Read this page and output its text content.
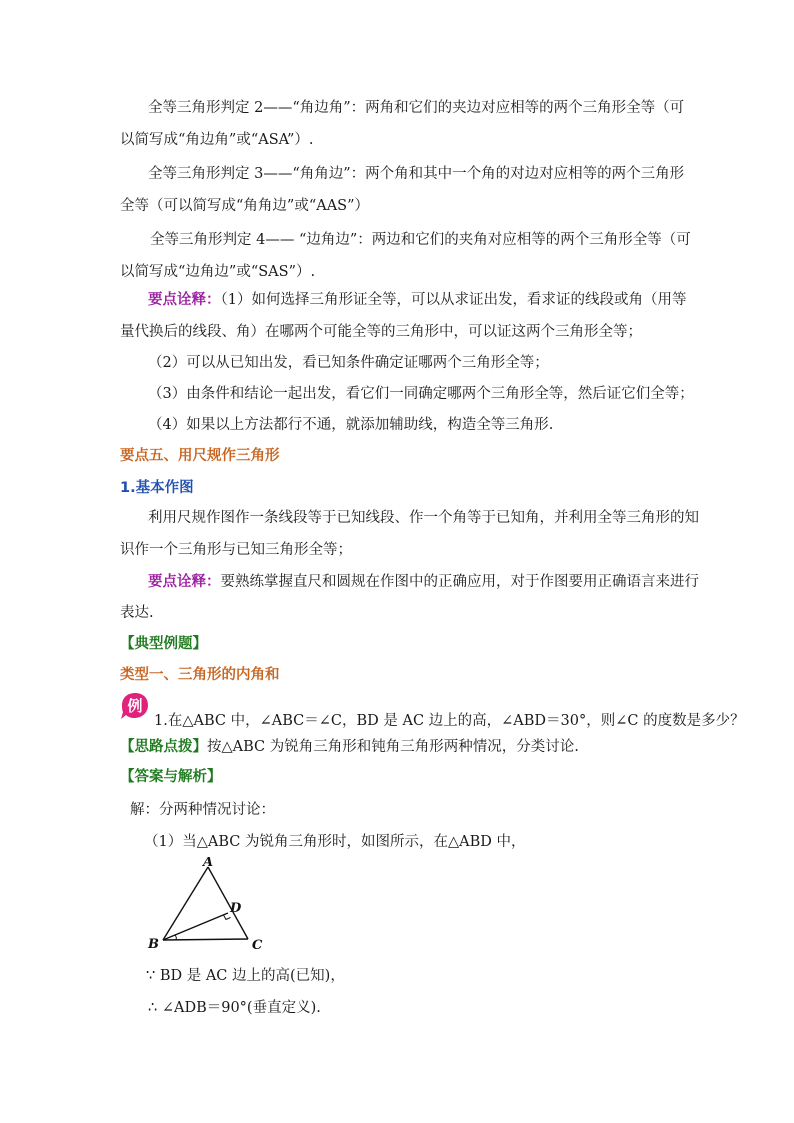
全等三角形判定 2——“角边角”：两角和它们的夹边对应相等的两个三角形全等（可
以简写成“角边角”或“ASA”）.
全等三角形判定 3——“角角边”：两个角和其中一个角的对边对应相等的两个三角形
全等（可以简写成“角角边”或“AAS”）
全等三角形判定 4—— “边角边”：两边和它们的夹角对应相等的两个三角形全等（可
以简写成“边角边”或“SAS”）.
要点诠释：（1）如何选择三角形证全等，可以从求证出发，看求证的线段或角（用等
量代换后的线段、角）在哪两个可能全等的三角形中，可以证这两个三角形全等；
（2）可以从已知出发，看已知条件确定证哪两个三角形全等；
（3）由条件和结论一起出发，看它们一同确定哪两个三角形全等，然后证它们全等；
（4）如果以上方法都行不通，就添加辅助线，构造全等三角形.
要点五、用尺规作三角形
1.基本作图
利用尺规作图作一条线段等于已知线段、作一个角等于已知角，并利用全等三角形的知
识作一个三角形与已知三角形全等；
要点诠释：要熟练掌握直尺和圆规在作图中的正确应用，对于作图要用正确语言来进行
表达.
【典型例题】
类型一、三角形的内角和
例
1.在△ABC 中，∠ABC＝∠C，BD 是 AC 边上的高，∠ABD＝30°，则∠C 的度数是多少？
【思路点拨】按△ABC 为锐角三角形和钝角三角形两种情况，分类讨论.
【答案与解析】
解：分两种情况讨论：
（1）当△ABC 为锐角三角形时，如图所示，在△ABD 中，
A
D
B	C
∵ BD 是 AC 边上的高(已知)，
∴ ∠ADB＝90°(垂直定义).
